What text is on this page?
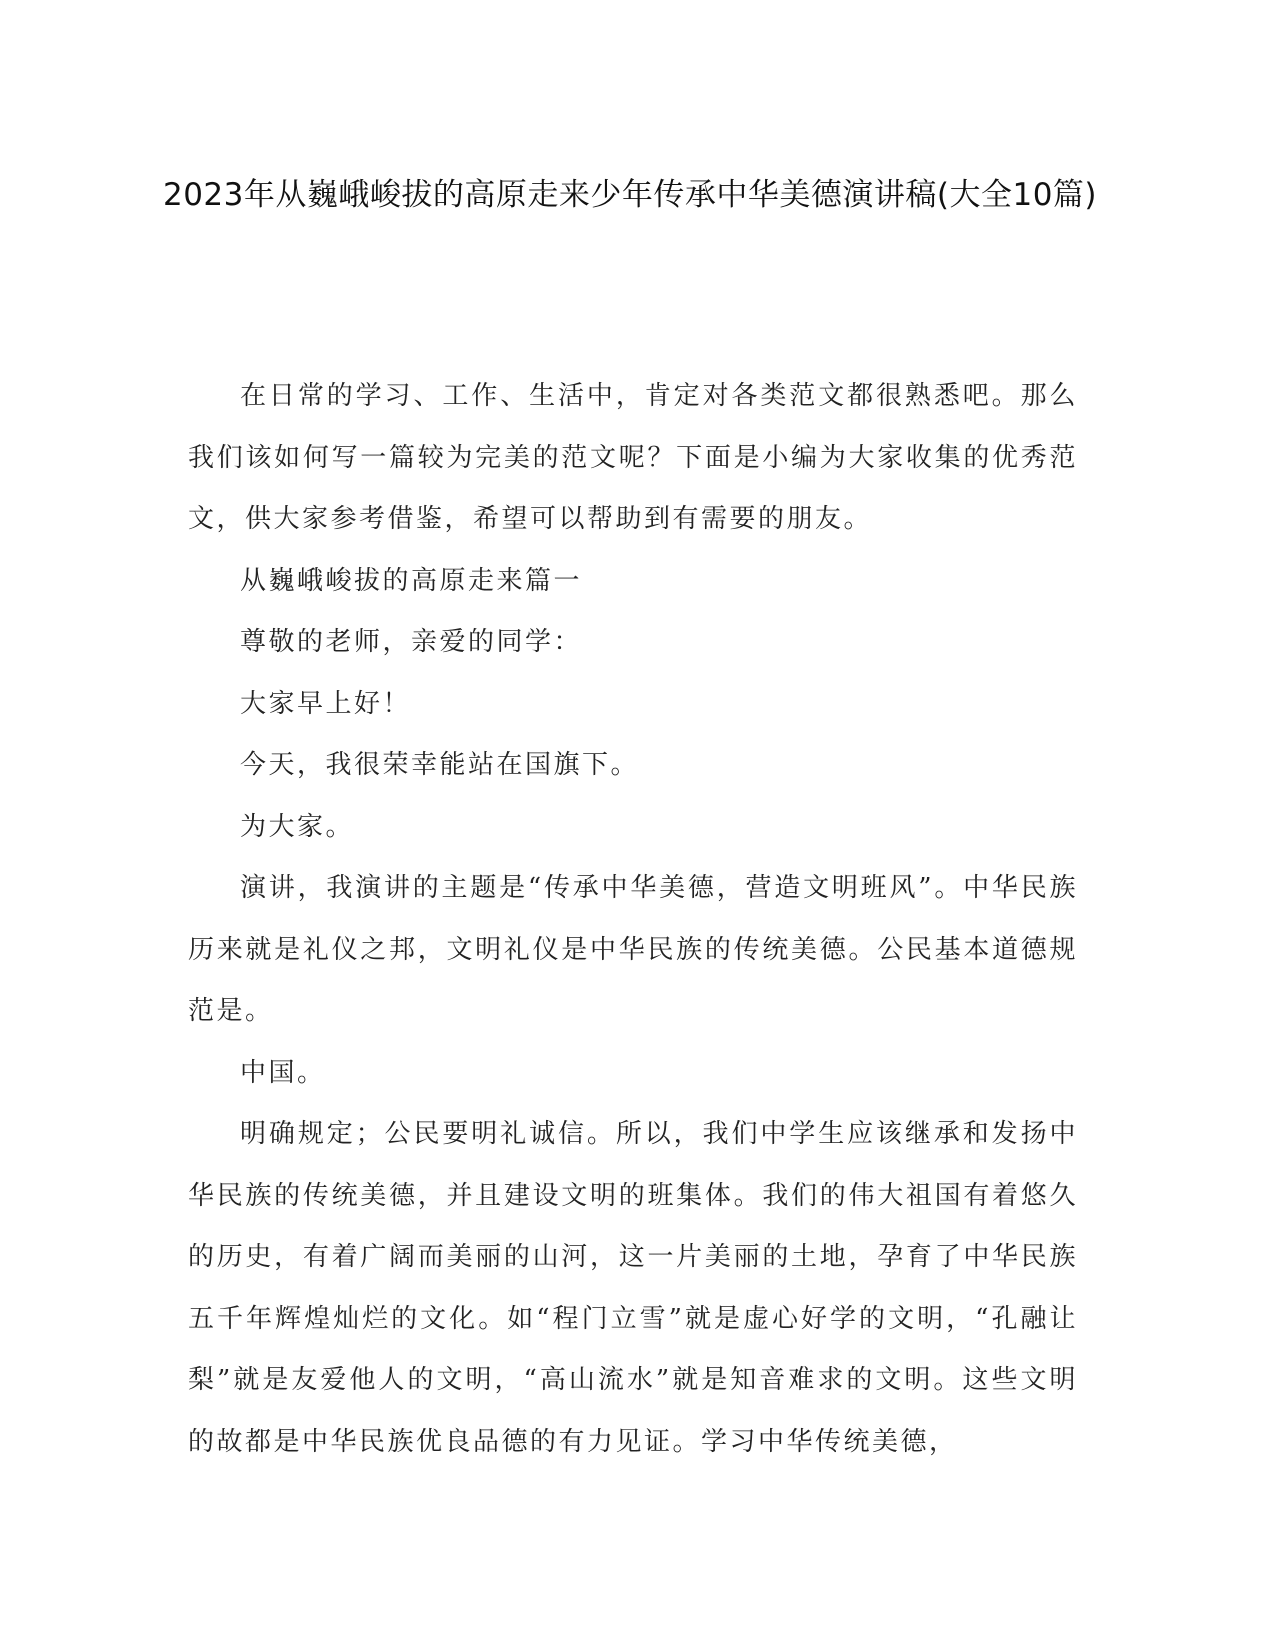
2023年从巍峨峻拔的高原走来少年传承中华美德演讲稿(大全10篇)

在日常的学习、工作、生活中，肯定对各类范文都很熟悉吧。那么我们该如何写一篇较为完美的范文呢？下面是小编为大家收集的优秀范文，供大家参考借鉴，希望可以帮助到有需要的朋友。

从巍峨峻拔的高原走来篇一

尊敬的老师，亲爱的同学：

大家早上好！

今天，我很荣幸能站在国旗下。

为大家。

演讲，我演讲的主题是“传承中华美德，营造文明班风”。中华民族历来就是礼仪之邦，文明礼仪是中华民族的传统美德。公民基本道德规范是。

中国。

明确规定；公民要明礼诚信。所以，我们中学生应该继承和发扬中华民族的传统美德，并且建设文明的班集体。我们的伟大祖国有着悠久的历史，有着广阔而美丽的山河，这一片美丽的土地，孕育了中华民族五千年辉煌灿烂的文化。如“程门立雪”就是虚心好学的文明，“孔融让梨”就是友爱他人的文明，“高山流水”就是知音难求的文明。这些文明的故都是中华民族优良品德的有力见证。学习中华传统美德，
